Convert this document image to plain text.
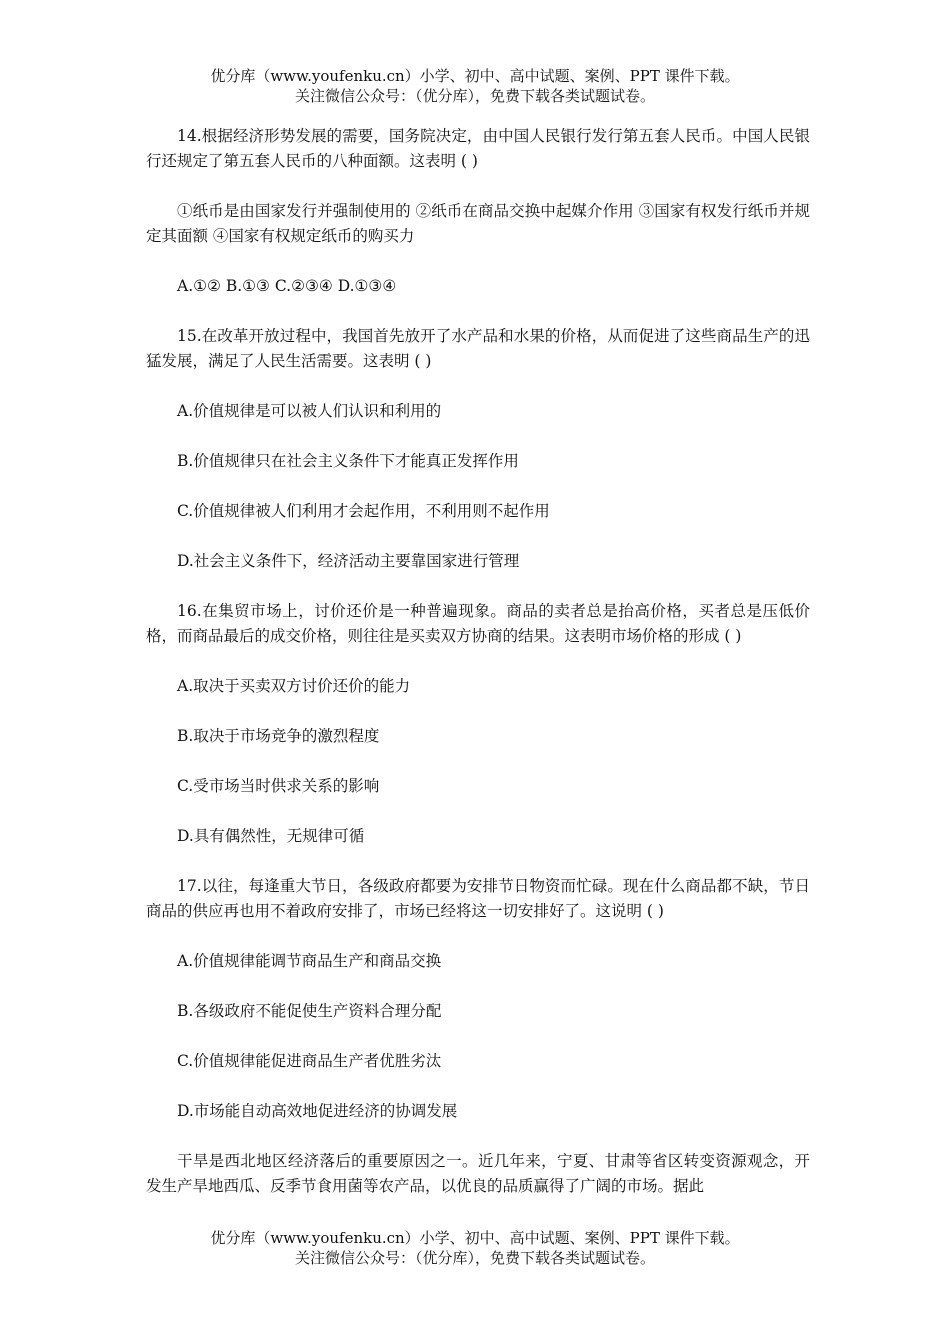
优分库（www.youfenku.cn）小学、初中、高中试题、案例、PPT 课件下载。
关注微信公众号：（优分库），免费下载各类试题试卷。

14.根据经济形势发展的需要，国务院决定，由中国人民银行发行第五套人民币。中国人民银行还规定了第五套人民币的八种面额。这表明 ( )

①纸币是由国家发行并强制使用的 ②纸币在商品交换中起媒介作用 ③国家有权发行纸币并规定其面额 ④国家有权规定纸币的购买力

A.①② B.①③ C.②③④ D.①③④

15.在改革开放过程中，我国首先放开了水产品和水果的价格，从而促进了这些商品生产的迅猛发展，满足了人民生活需要。这表明 ( )

A.价值规律是可以被人们认识和利用的

B.价值规律只在社会主义条件下才能真正发挥作用

C.价值规律被人们利用才会起作用，不利用则不起作用

D.社会主义条件下，经济活动主要靠国家进行管理

16.在集贸市场上，讨价还价是一种普遍现象。商品的卖者总是抬高价格，买者总是压低价格，而商品最后的成交价格，则往往是买卖双方协商的结果。这表明市场价格的形成 ( )

A.取决于买卖双方讨价还价的能力

B.取决于市场竞争的激烈程度

C.受市场当时供求关系的影响

D.具有偶然性，无规律可循

17.以往，每逢重大节日，各级政府都要为安排节日物资而忙碌。现在什么商品都不缺，节日商品的供应再也用不着政府安排了，市场已经将这一切安排好了。这说明 ( )

A.价值规律能调节商品生产和商品交换

B.各级政府不能促使生产资料合理分配

C.价值规律能促进商品生产者优胜劣汰

D.市场能自动高效地促进经济的协调发展

干旱是西北地区经济落后的重要原因之一。近几年来，宁夏、甘肃等省区转变资源观念，开发生产旱地西瓜、反季节食用菌等农产品，以优良的品质赢得了广阔的市场。据此

优分库（www.youfenku.cn）小学、初中、高中试题、案例、PPT 课件下载。
关注微信公众号：（优分库），免费下载各类试题试卷。
